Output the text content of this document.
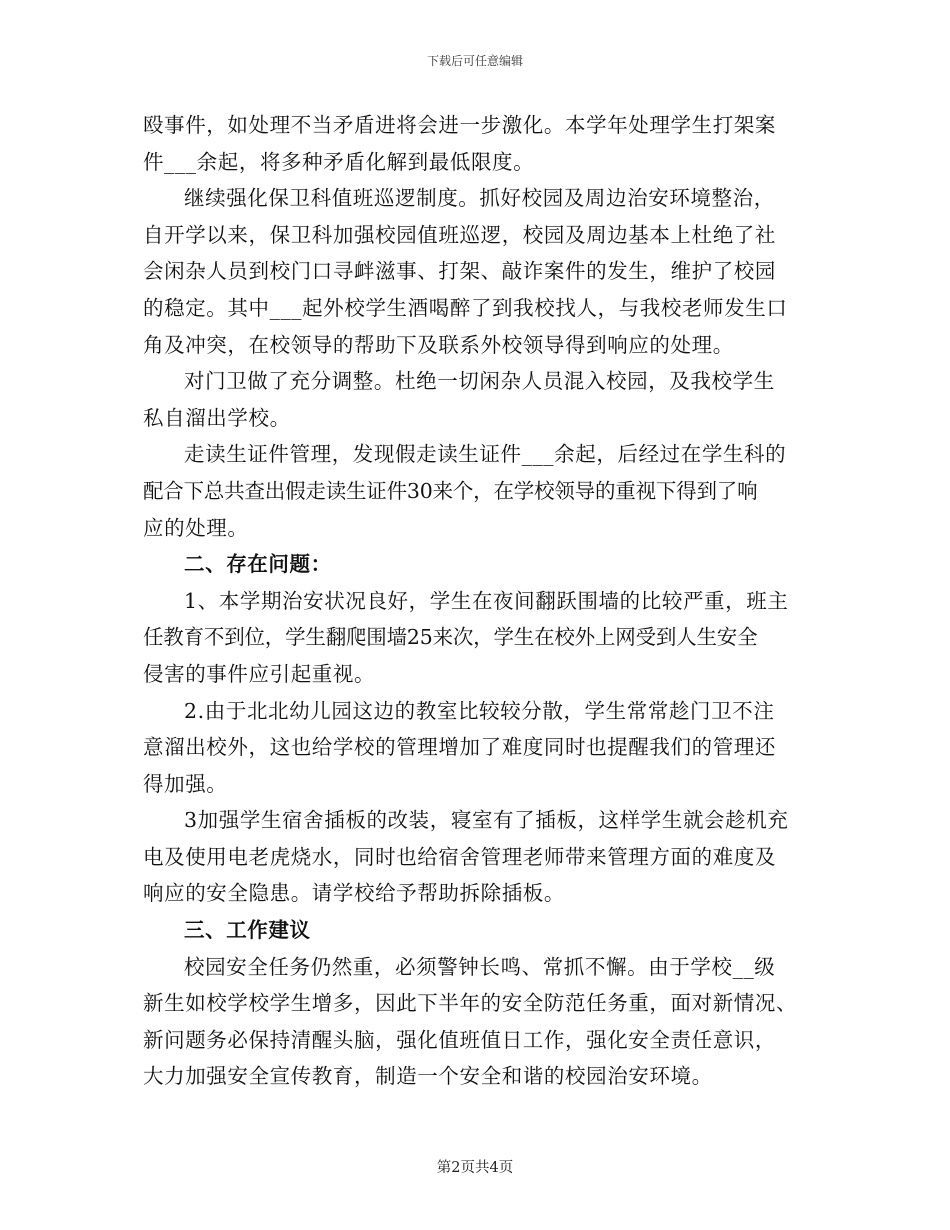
下载后可任意编辑
殴事件，如处理不当矛盾进将会进一步激化。本学年处理学生打架案
件___余起，将多种矛盾化解到最低限度。
继续强化保卫科值班巡逻制度。抓好校园及周边治安环境整治，
自开学以来，保卫科加强校园值班巡逻，校园及周边基本上杜绝了社
会闲杂人员到校门口寻衅滋事、打架、敲诈案件的发生，维护了校园
的稳定。其中___起外校学生酒喝醉了到我校找人，与我校老师发生口
角及冲突，在校领导的帮助下及联系外校领导得到响应的处理。
对门卫做了充分调整。杜绝一切闲杂人员混入校园，及我校学生
私自溜出学校。
走读生证件管理，发现假走读生证件___余起，后经过在学生科的
配合下总共查出假走读生证件30来个，在学校领导的重视下得到了响
应的处理。
二、存在问题：
1、本学期治安状况良好，学生在夜间翻跃围墙的比较严重，班主
任教育不到位，学生翻爬围墙25来次，学生在校外上网受到人生安全
侵害的事件应引起重视。
2.由于北北幼儿园这边的教室比较较分散，学生常常趁门卫不注
意溜出校外，这也给学校的管理增加了难度同时也提醒我们的管理还
得加强。
3加强学生宿舍插板的改装，寝室有了插板，这样学生就会趁机充
电及使用电老虎烧水，同时也给宿舍管理老师带来管理方面的难度及
响应的安全隐患。请学校给予帮助拆除插板。
三、工作建议
校园安全任务仍然重，必须警钟长鸣、常抓不懈。由于学校__级
新生如校学校学生增多，因此下半年的安全防范任务重，面对新情况、
新问题务必保持清醒头脑，强化值班值日工作，强化安全责任意识，
大力加强安全宣传教育，制造一个安全和谐的校园治安环境。
第2页共4页
